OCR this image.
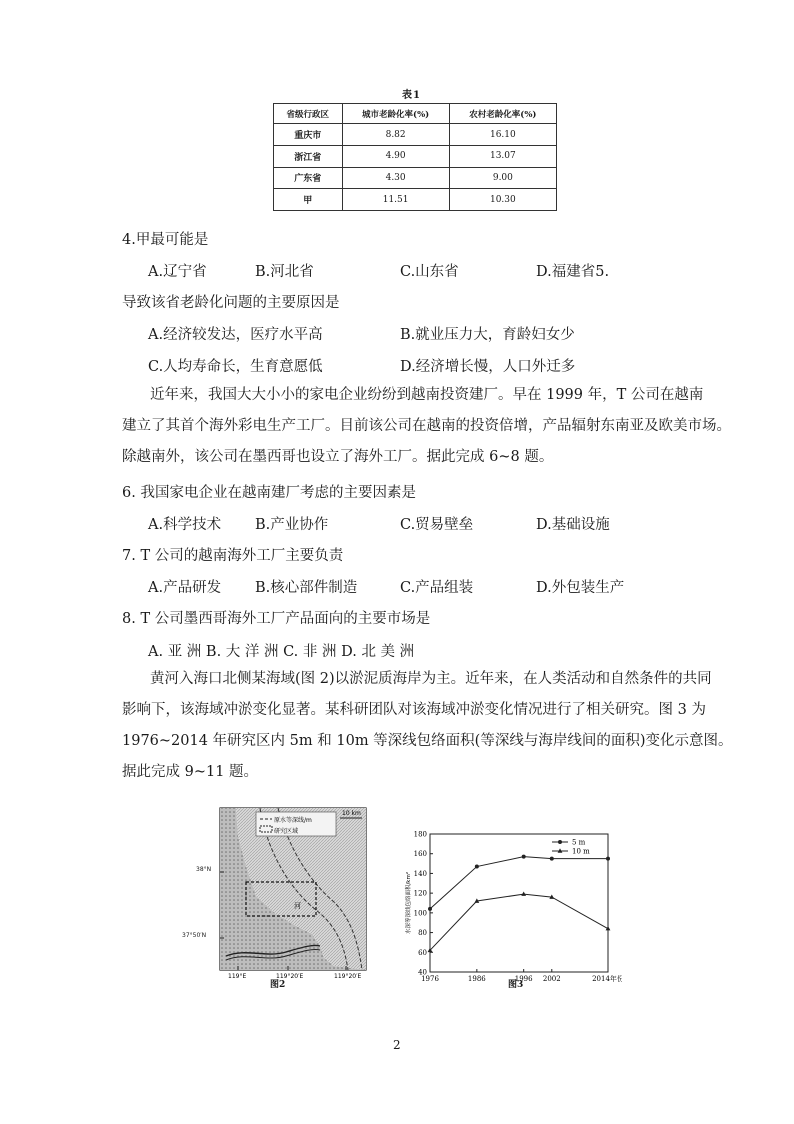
表1
省级行政区	城市老龄化率(%)	农村老龄化率(%)
重庆市	8.82	16.10
浙江省	4.90	13.07
广东省	4.30	9.00
甲	11.51	10.30
4.甲最可能是
A.辽宁省	B.河北省	C.山东省	D.福建省5.
导致该省老龄化问题的主要原因是
A.经济较发达，医疗水平高	B.就业压力大，育龄妇女少
C.人均寿命长，生育意愿低	D.经济增长慢，人口外迁多
近年来，我国大大小小的家电企业纷纷到越南投资建厂。早在 1999 年，T 公司在越南
建立了其首个海外彩电生产工厂。目前该公司在越南的投资倍增，产品辐射东南亚及欧美市场。
除越南外，该公司在墨西哥也设立了海外工厂。据此完成 6~8 题。
6. 我国家电企业在越南建厂考虑的主要因素是
A.科学技术 B.产业协作	C.贸易壁垒	D.基础设施
7. T 公司的越南海外工厂主要负责
A.产品研发 B.核心部件制造	C.产品组装	D.外包装生产
8. T 公司墨西哥海外工厂产品面向的主要市场是
A. 亚 洲 B. 大 洋 洲 C. 非 洲 D. 北 美 洲
黄河入海口北侧某海域(图 2)以淤泥质海岸为主。近年来，在人类活动和自然条件的共同
影响下，该海域冲淤变化显著。某科研团队对该海域冲淤变化情况进行了相关研究。图 3 为
1976~2014 年研究区内 5m 和 10m 等深线包络面积(等深线与海岸线间的面积)变化示意图。
据此完成 9~11 题。
原水等深线/m
研究区域
10 km
河
119°E	119°20′E	119°20′E
38°N
37°50′N
图2
40
60
80
100
120
140
160
180
1976	1986	1996 2002	2014年份
水深等深线包络面积/km²
5 m
10 m
图3
2
